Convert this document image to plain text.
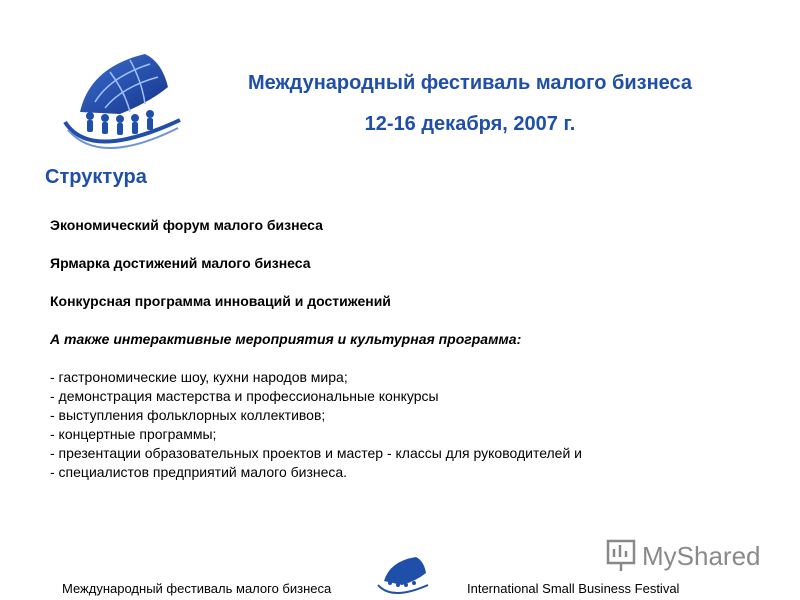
Международный фестиваль малого бизнеса
12-16 декабря, 2007 г.
Структура
Экономический форум малого бизнеса
Ярмарка достижений малого бизнеса
Конкурсная программа инноваций и достижений
А также интерактивные мероприятия и культурная программа:
- гастрономические шоу, кухни народов мира;
- демонстрация мастерства и профессиональные конкурсы
- выступления фольклорных коллективов;
- концертные программы;
- презентации образовательных проектов и мастер - классы для руководителей и
- специалистов предприятий малого бизнеса.
MyShared
Международный фестиваль малого бизнеса	International Small Business Festival
